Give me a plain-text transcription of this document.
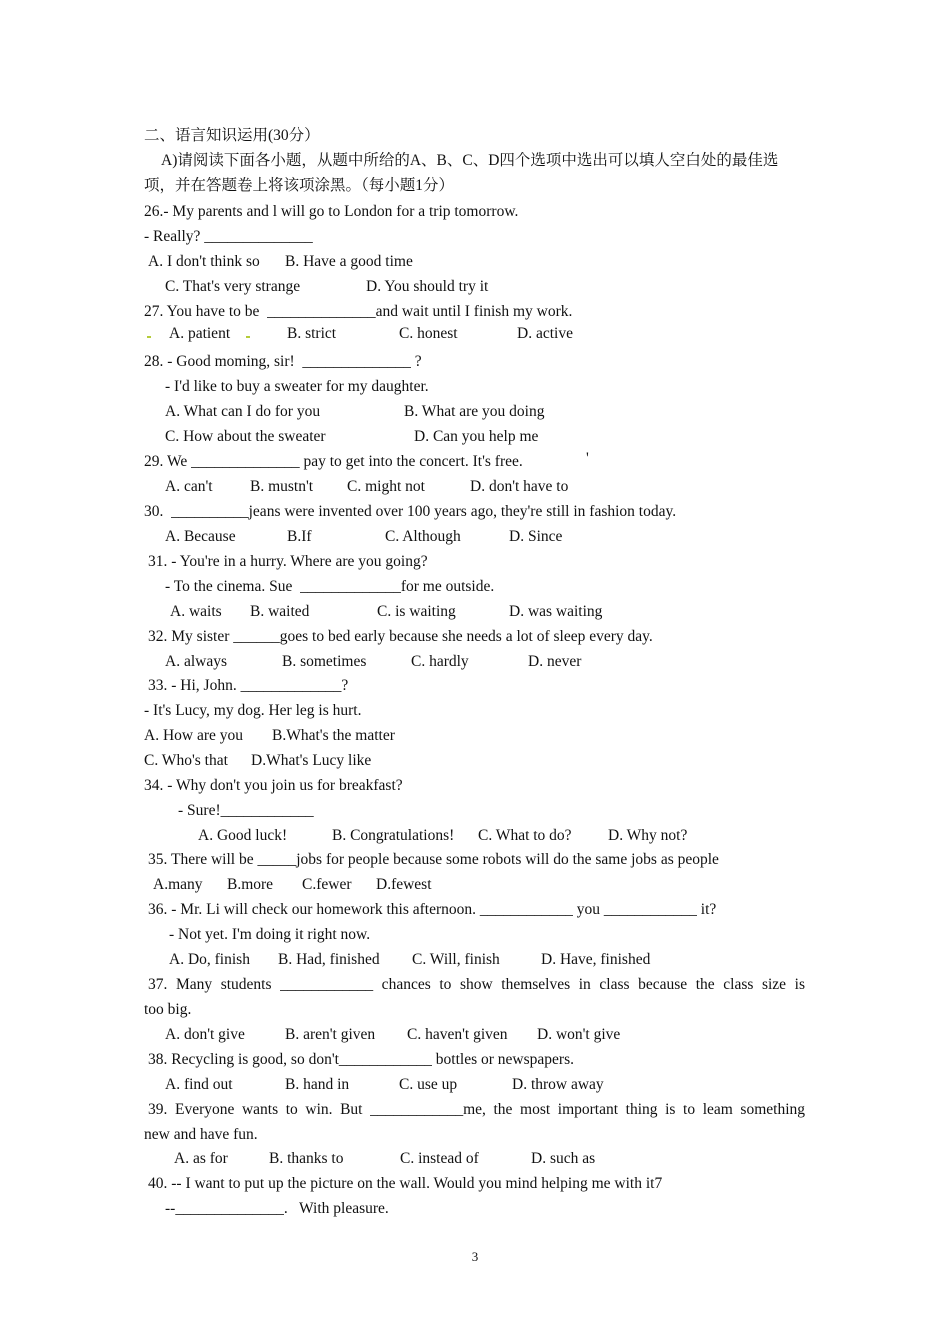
二、语言知识运用(30分）
A)请阅读下面各小题，从题中所给的A、B、C、D四个选项中选出可以填人空白处的最佳选
项，并在答题卷上将该项涂黑。（每小题1分）
26.- My parents and l will go to London for a trip tomorrow.
- Really? ______________
A. I don't think so B. Have a good time
C. That's very strange	D. You should try it
27. You have to be  ______________and wait until I finish my work.
A. patient	B. strict	C. honest	D. active
28. - Good moming, sir!  ______________ ?
- I'd like to buy a sweater for my daughter.
A. What can I do for you	B. What are you doing
C. How about the sweater	D. Can you help me
29. We ______________ pay to get into the concert. It's free.	'
A. can't B. mustn't C. might not	D. don't have to
30.  __________jeans were invented over 100 years ago, they're still in fashion today.
A. Because	B.If	C. Although	D. Since
31. - You're in a hurry. Where are you going?
- To the cinema. Sue  _____________for me outside.
A. waits B. waited	C. is waiting	D. was waiting
32. My sister ______goes to bed early because she needs a lot of sleep every day.
A. always	B. sometimes	C. hardly	D. never
33. - Hi, John. _____________?
- It's Lucy, my dog. Her leg is hurt.
A. How are you B.What's the matter
C. Who's that D.What's Lucy like
34. - Why don't you join us for breakfast?
- Sure!____________
A. Good luck!	B. Congratulations! C. What to do? D. Why not?
35. There will be _____jobs for people because some robots will do the same jobs as people
A.many B.more C.fewer D.fewest
36. - Mr. Li will check our homework this afternoon. ____________ you ____________ it?
- Not yet. I'm doing it right now.
A. Do, finish B. Had, finished C. Will, finish	D. Have, finished
37. Many students ____________ chances to show themselves in class because the class size is
too big.
A. don't give	B. aren't given C. haven't given D. won't give
38. Recycling is good, so don't____________ bottles or newspapers.
A. find out	B. hand in	C. use up	D. throw away
39. Everyone wants to win. But ____________me, the most important thing is to leam something
new and have fun.
A. as for	B. thanks to	C. instead of	D. such as
40. -- I want to put up the picture on the wall. Would you mind helping me with it7
--______________.   With pleasure.
3
